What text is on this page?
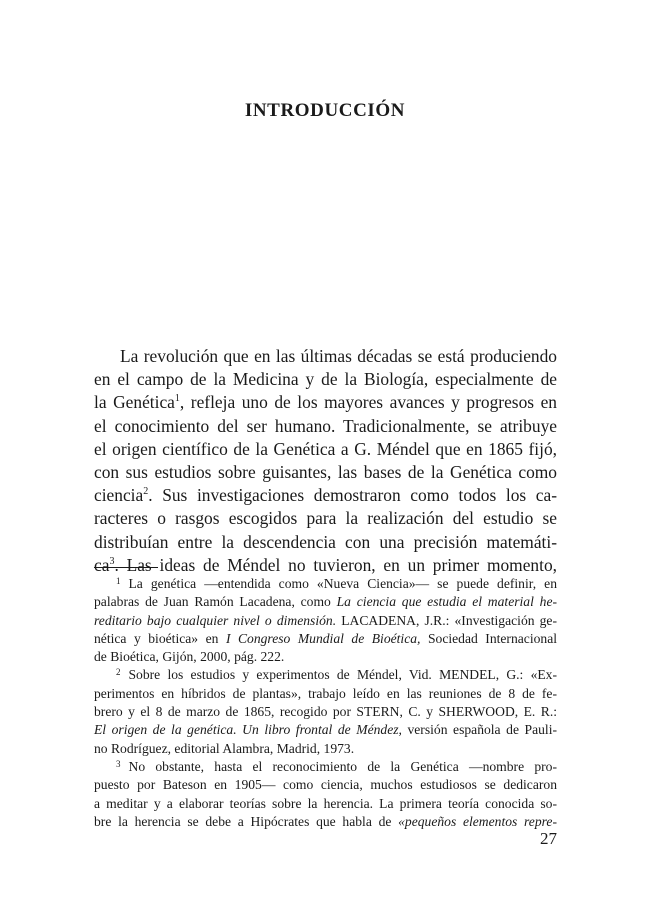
INTRODUCCIÓN
La revolución que en las últimas décadas se está produciendo
en el campo de la Medicina y de la Biología, especialmente de
la Genética$^1$, refleja uno de los mayores avances y progresos en
el conocimiento del ser humano. Tradicionalmente, se atribuye
el origen científico de la Genética a G. Méndel que en 1865 fijó,
con sus estudios sobre guisantes, las bases de la Genética como
ciencia$^2$. Sus investigaciones demostraron como todos los ca-
racteres o rasgos escogidos para la realización del estudio se
distribuían entre la descendencia con una precisión matemáti-
$ca^3$. Las ideas de Méndel no tuvieron, en un primer momento,
$^1$ La genética —entendida como «Nueva Ciencia»— se puede definir, en
palabras de Juan Ramón Lacadena, como La ciencia que estudia el material he-
reditario bajo cualquier nivel o dimensión. LACADENA, J.R.: «Investigación ge-
nética y bioética» en I Congreso Mundial de Bioética, Sociedad Internacional
de Bioética, Gijón, 2000, pág. 222.
$^2$ Sobre los estudios y experimentos de Méndel, Vid. MENDEL, G.: «Ex-
perimentos en híbridos de plantas», trabajo leído en las reuniones de 8 de fe-
brero y el 8 de marzo de 1865, recogido por STERN, C. y SHERWOOD, E. R.:
El origen de la genética. Un libro frontal de Méndez, versión española de Pauli-
no Rodríguez, editorial Alambra, Madrid, 1973.
$^3$ No obstante, hasta el reconocimiento de la Genética —nombre pro-
puesto por Bateson en 1905— como ciencia, muchos estudiosos se dedicaron
a meditar y a elaborar teorías sobre la herencia. La primera teoría conocida so-
bre la herencia se debe a Hipócrates que habla de «pequeños elementos repre-
27
